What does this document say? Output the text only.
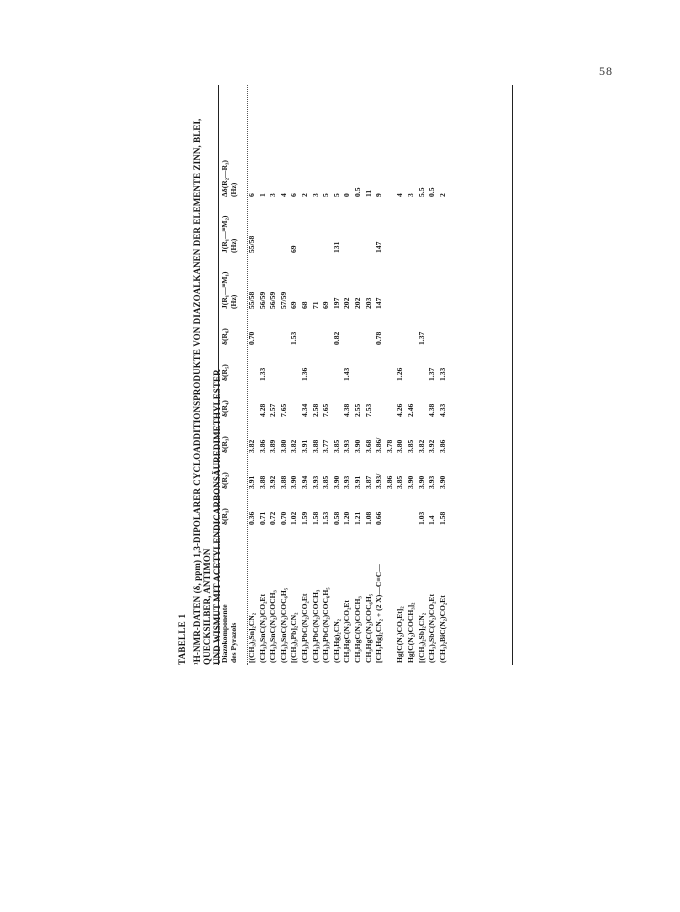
58
TABELLE 1 ¹H-NMR-DATEN (δ, ppm) 1,3-DIPOLARER CYCLOADDITIONSPRODUKTE VON DIAZOALKANEN DER ELEMENTE ZINN, BLEI, QUECKSILBER, ANTIMON
UND WISMUT MIT ACETYLENDICARBONSÄUREDIMETHYLESTER
Diazokomponente
des Pyrazols	δ(R₁)	δ(R₂)	δ(R₃)	δ(R₄)	δ(R₅)	δ(R₆)	J(R₁—ᵐM₁)
(Hz)	J(R₁—ᵐM₂)
(Hz)	Δδ(R₂—R₃)
(Hz)
[(CH₃)₃Sn]₂CN₂	0.36	3.91	3.82			0.70	55/58	55/58	6
(CH₃)₃SnC(N₂)CO₂Et	0.71	3.88	3.86	4.28	1.33		56/59		1
(CH₃)₃SnC(N₂)COCH₃	0.72	3.92	3.89	2.57			56/59		3
(CH₃)₃SnC(N₂)COC₆H₅	0.70	3.88	3.80	7.65			57/59		4
[(CH₃)₃Pb]₂CN₂	1.02	3.90	3.82			1.53	69	69	6
(CH₃)₃PbC(N₂)CO₂Et	1.59	3.94	3.91	4.34	1.36		68		2
(CH₃)₃PbC(N₂)COCH₃	1.58	3.93	3.88	2.58			71		3
(CH₃)₃PbC(N₂)COC₆H₅	1.53	3.85	3.77	7.65			69		5
(CH₃Hg)₂CN₂	0.58	3.90	3.85			0.82	197	131	5
CH₃HgC(N₂)CO₂Et	1.20	3.93	3.93	4.38	1.43		202		0
CH₃HgC(N₂)COCH₃	1.21	3.91	3.90	2.55			202		0.5
CH₃HgC(N₂)COC₆H₅	1.08	3.87	3.68	7.53			203		11
[CH₃Hg]₂CN₂ + (2 X)—C≡C—	0.66	3.93/	3.86/			0.78	147	147	9
		3.86	3.78						
Hg[C(N₂)CO₂Et]₂		3.85	3.80	4.26	1.26				4
Hg[C(N₂)COCH₃]₂		3.90	3.85	2.46					3
[(CH₃)₂Sb]₂CN₂	1.03	3.90	3.82			1.37			5.5
(CH₃)₂SbC(N₂)CO₂Et	1.4	3.93	3.92	4.38	1.37				0.5
(CH₃)₂BiC(N₂)CO₂Et	1.58	3.90	3.86	4.33	1.33				2
